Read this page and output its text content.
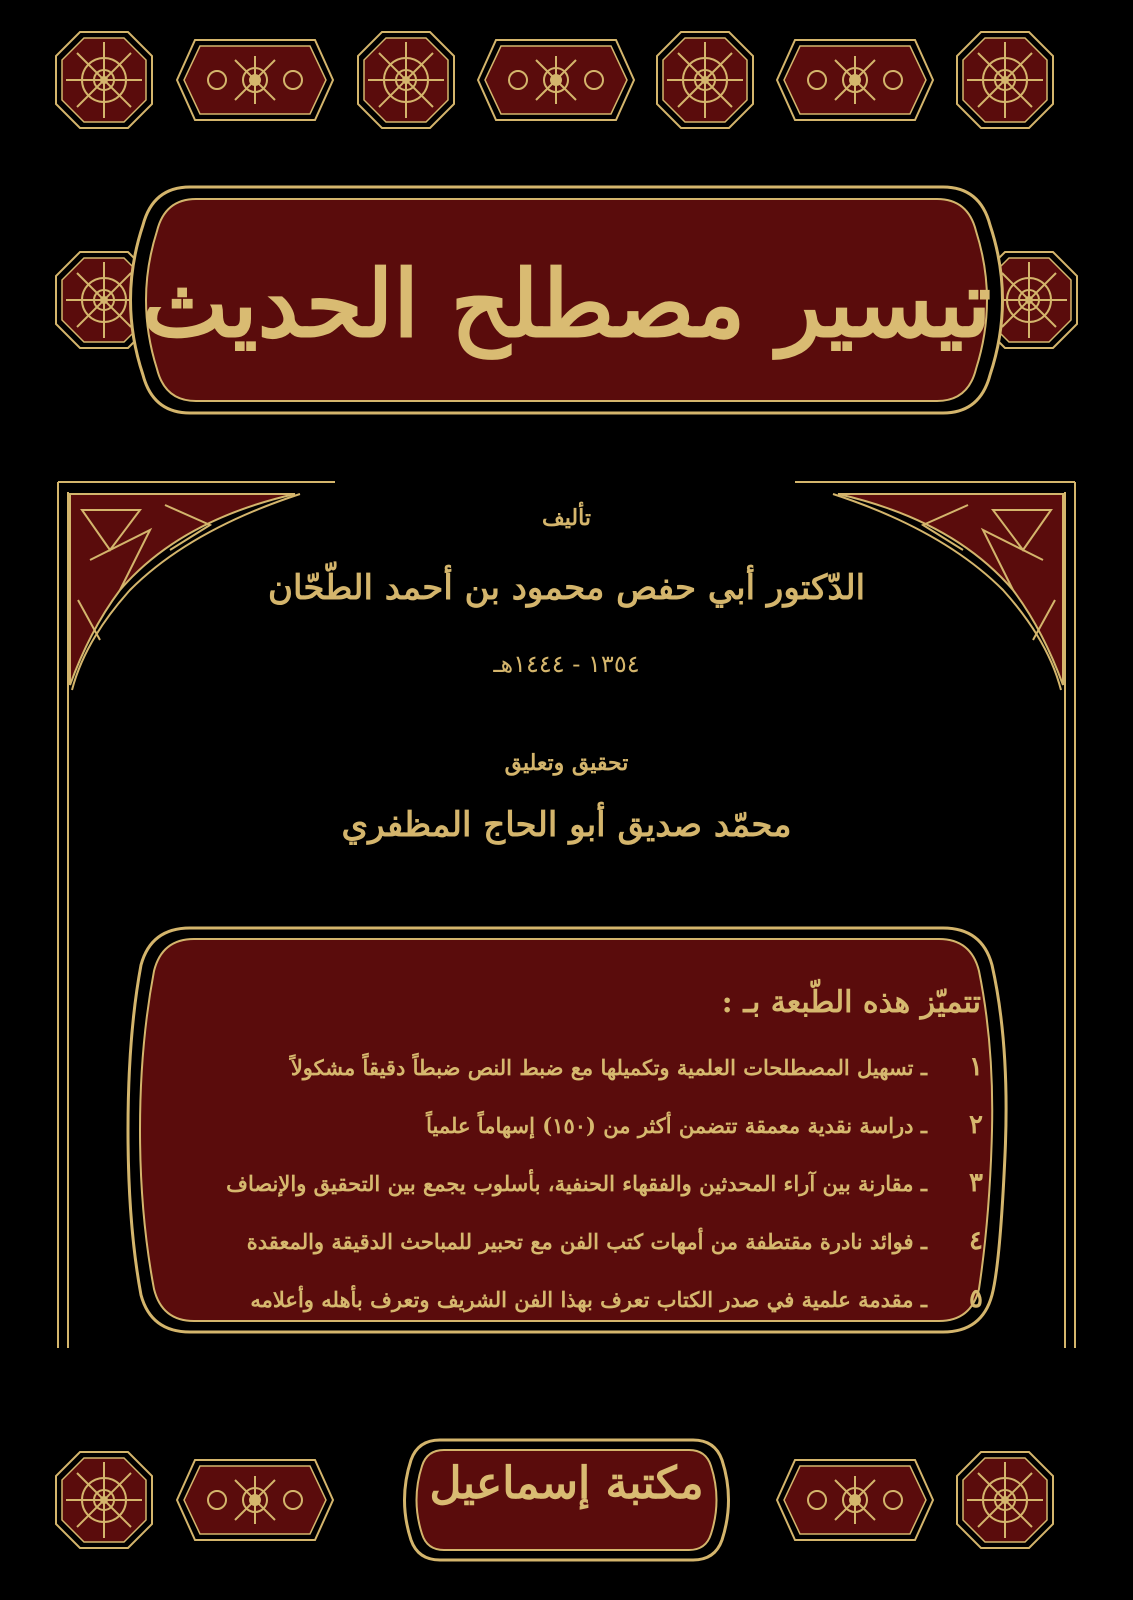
تيسير مصطلح الحديث
تأليف
الدّكتور أبي حفص محمود بن أحمد الطّحّان
١٣٥٤ - ١٤٤٤هـ
تحقيق وتعليق
محمّد صديق أبو الحاج المظفري
تتميّز هذه الطّبعة بـ :
١
ـ تسهيل المصطلحات العلمية وتكميلها مع ضبط النص ضبطاً دقيقاً مشكولاً
٢
ـ دراسة نقدية معمقة تتضمن أكثر من (١٥٠) إسهاماً علمياً
٣
ـ مقارنة بين آراء المحدثين والفقهاء الحنفية، بأسلوب يجمع بين التحقيق والإنصاف
٤
ـ فوائد نادرة مقتطفة من أمهات كتب الفن مع تحبير للمباحث الدقيقة والمعقدة
٥
ـ مقدمة علمية في صدر الكتاب تعرف بهذا الفن الشريف وتعرف بأهله وأعلامه
مكتبة إسماعيل
